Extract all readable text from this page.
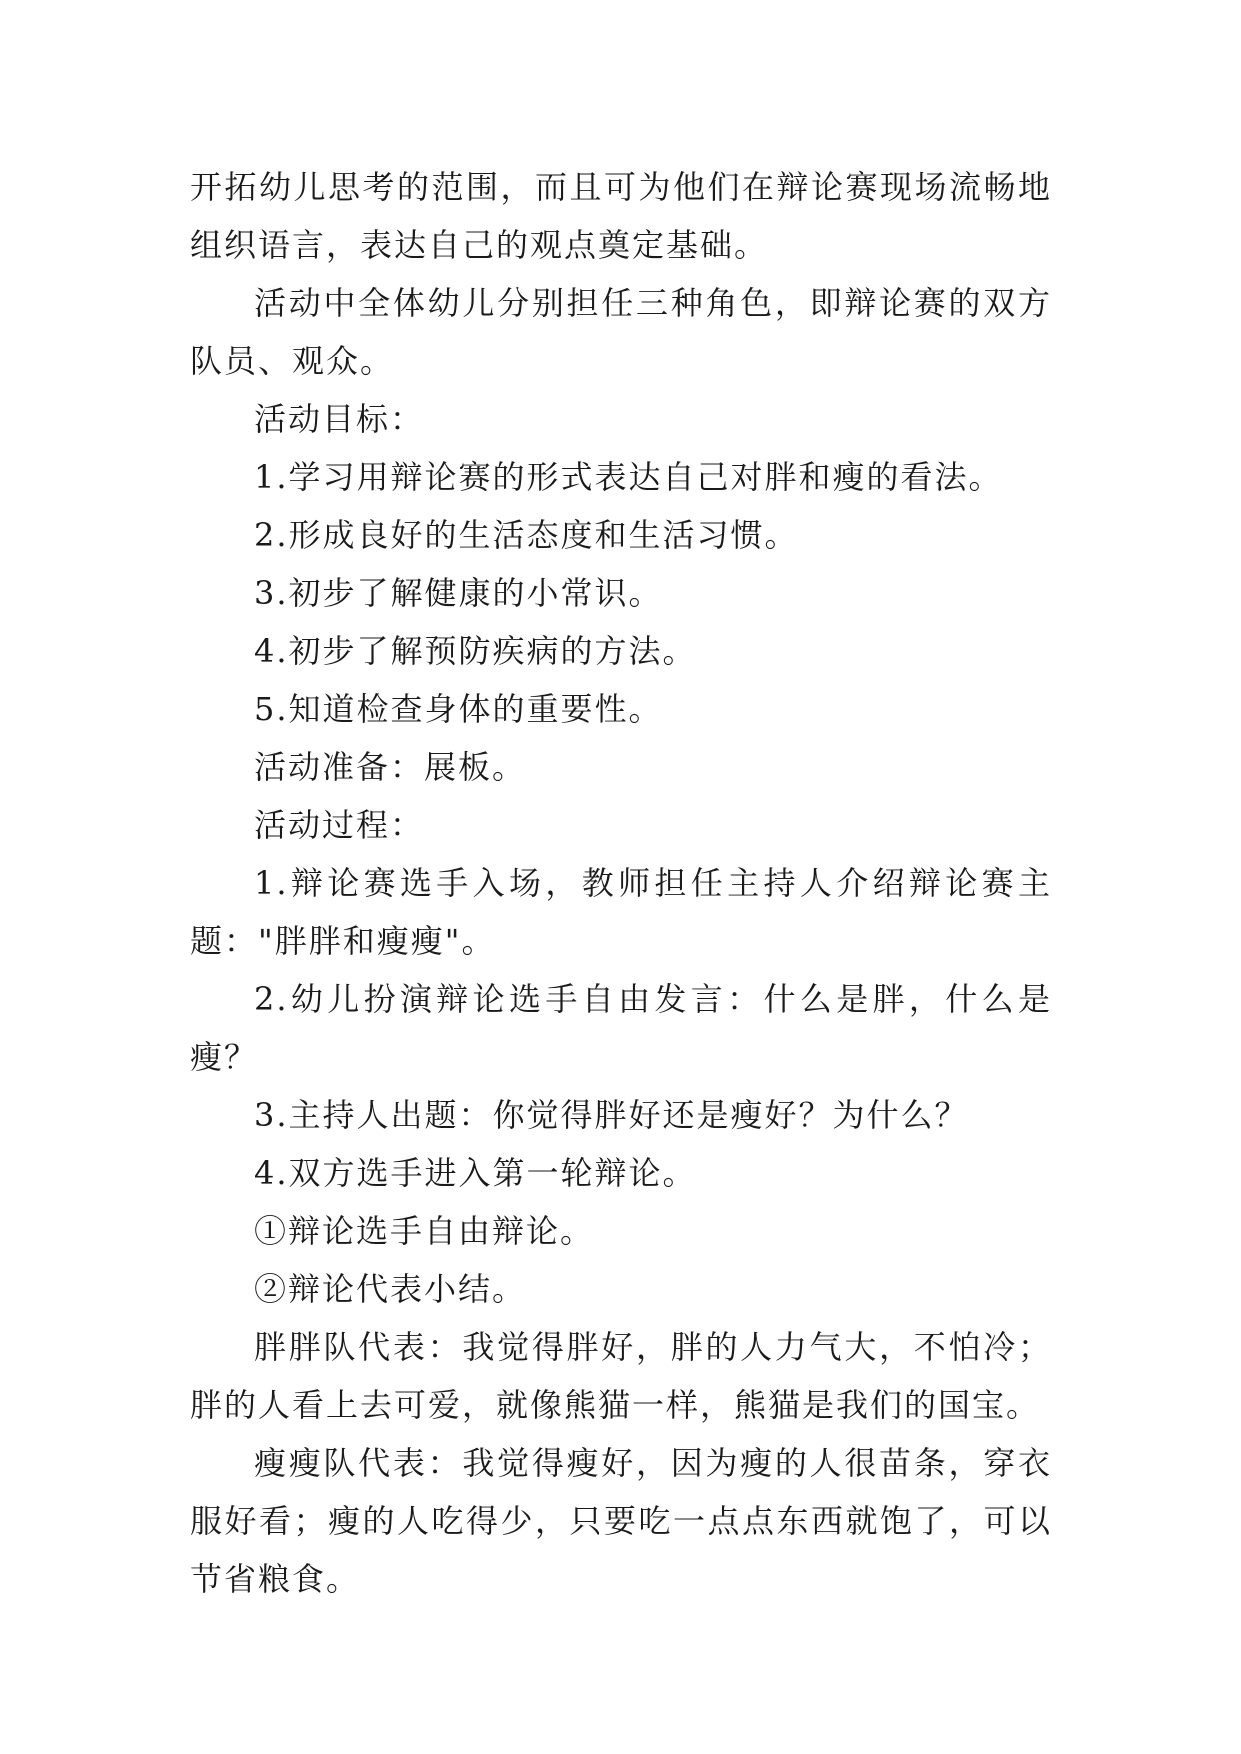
开拓幼儿思考的范围，而且可为他们在辩论赛现场流畅地组织语言，表达自己的观点奠定基础。

活动中全体幼儿分别担任三种角色，即辩论赛的双方队员、观众。

活动目标：

1.学习用辩论赛的形式表达自己对胖和瘦的看法。

2.形成良好的生活态度和生活习惯。

3.初步了解健康的小常识。

4.初步了解预防疾病的方法。

5.知道检查身体的重要性。

活动准备：展板。

活动过程：

1.辩论赛选手入场，教师担任主持人介绍辩论赛主题："胖胖和瘦瘦"。

2.幼儿扮演辩论选手自由发言：什么是胖，什么是瘦？

3.主持人出题：你觉得胖好还是瘦好？为什么？

4.双方选手进入第一轮辩论。

①辩论选手自由辩论。

②辩论代表小结。

胖胖队代表：我觉得胖好，胖的人力气大，不怕冷；胖的人看上去可爱，就像熊猫一样，熊猫是我们的国宝。

瘦瘦队代表：我觉得瘦好，因为瘦的人很苗条，穿衣服好看；瘦的人吃得少，只要吃一点点东西就饱了，可以节省粮食。
